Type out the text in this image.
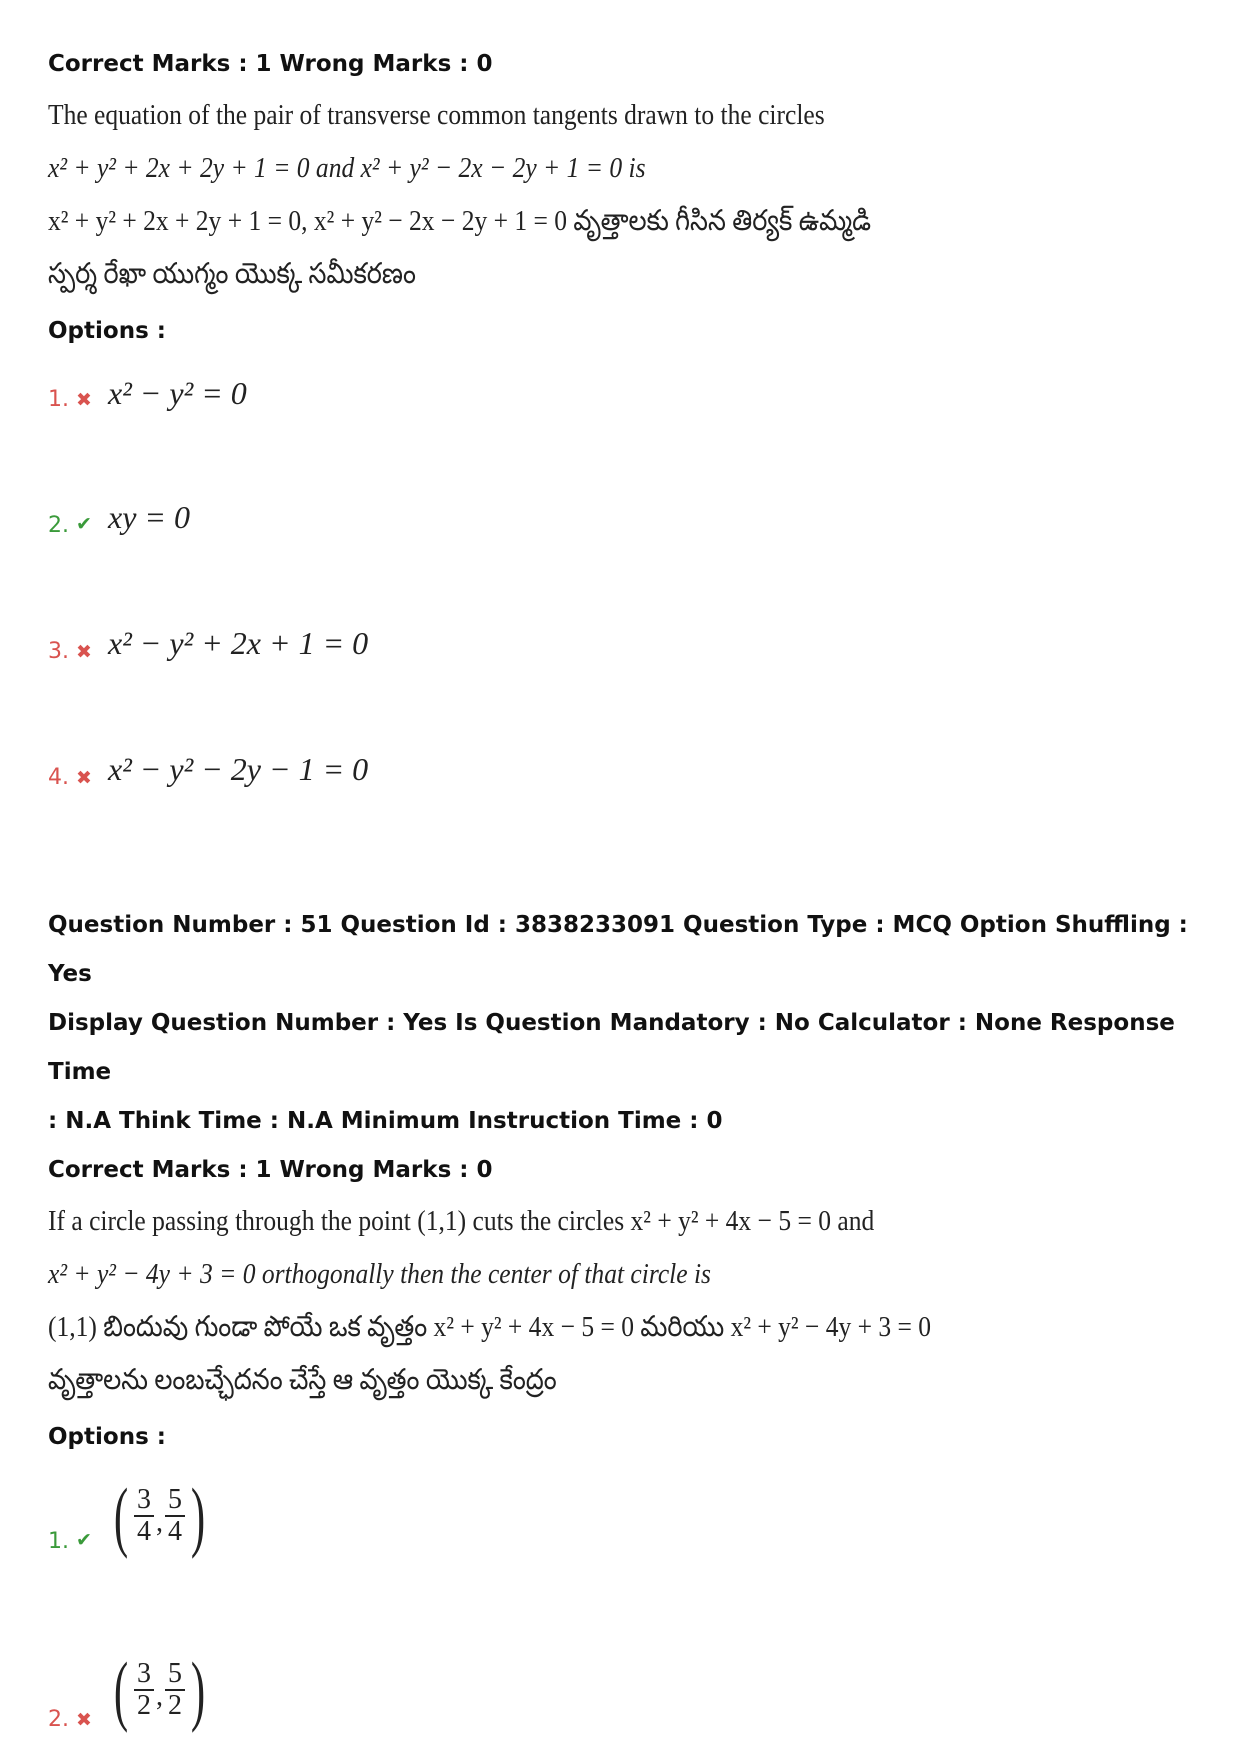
Correct Marks : 1 Wrong Marks : 0
The equation of the pair of transverse common tangents drawn to the circles
x² + y² + 2x + 2y + 1 = 0 and x² + y² − 2x − 2y + 1 = 0 is
x² + y² + 2x + 2y + 1 = 0, x² + y² − 2x − 2y + 1 = 0 వృత్తాలకు గీసిన తిర్యక్ ఉమ్మడి
స్పర్శ రేఖా యుగ్మం యొక్క సమీకరణం
Options :
1. ✖ x² − y² = 0
2. ✔ xy = 0
3. ✖ x² − y² + 2x + 1 = 0
4. ✖ x² − y² − 2y − 1 = 0
Question Number : 51 Question Id : 3838233091 Question Type : MCQ Option Shuffling : Yes
Display Question Number : Yes Is Question Mandatory : No Calculator : None Response Time
: N.A Think Time : N.A Minimum Instruction Time : 0
Correct Marks : 1 Wrong Marks : 0
If a circle passing through the point (1,1) cuts the circles x² + y² + 4x − 5 = 0 and
x² + y² − 4y + 3 = 0 orthogonally then the center of that circle is
(1,1) బిందువు గుండా పోయే ఒక వృత్తం x² + y² + 4x − 5 = 0 మరియు x² + y² − 4y + 3 = 0
వృత్తాలను లంబచ్ఛేదనం చేస్తే ఆ వృత్తం యొక్క కేంద్రం
Options :
1. ✔ ( $\frac{3}{4}$ , $\frac{5}{4}$ )
2. ✖ ( $\frac{3}{2}$ , $\frac{5}{2}$ )
